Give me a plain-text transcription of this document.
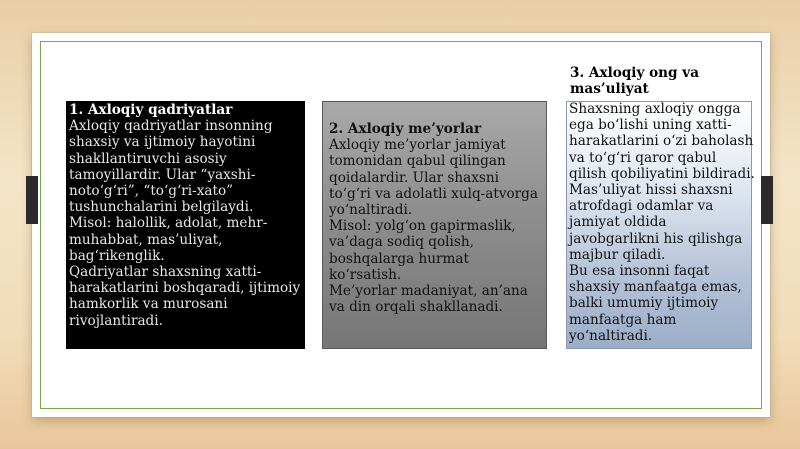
1. Axloqiy qadriyatlar
Axloqiy qadriyatlar insonning shaxsiy va ijtimoiy hayotini shakllantiruvchi asosiy tamoyillardir. Ular “yaxshi-noto‘g‘ri”, “to‘g‘ri-xato” tushunchalarini belgilaydi.
Misol: halollik, adolat, mehr-muhabbat, mas’uliyat, bag‘rikenglik.
Qadriyatlar shaxsning xatti-harakatlarini boshqaradi, ijtimoiy hamkorlik va murosani rivojlantiradi.
2. Axloqiy me’yorlar
Axloqiy me’yorlar jamiyat tomonidan qabul qilingan qoidalardir. Ular shaxsni to‘g‘ri va adolatli xulq-atvorga yo‘naltiradi.
Misol: yolg‘on gapirmaslik, va’daga sodiq qolish, boshqalarga hurmat ko‘rsatish.
Me’yorlar madaniyat, an’ana va din orqali shakllanadi.
3. Axloqiy ong va mas’uliyat
Shaxsning axloqiy ongga ega bo‘lishi uning xatti-harakatlarini o‘zi baholash va to‘g‘ri qaror qabul qilish qobiliyatini bildiradi.
Mas’uliyat hissi shaxsni atrofdagi odamlar va jamiyat oldida javobgarlikni his qilishga majbur qiladi.
Bu esa insonni faqat shaxsiy manfaatga emas, balki umumiy ijtimoiy manfaatga ham yo‘naltiradi.
